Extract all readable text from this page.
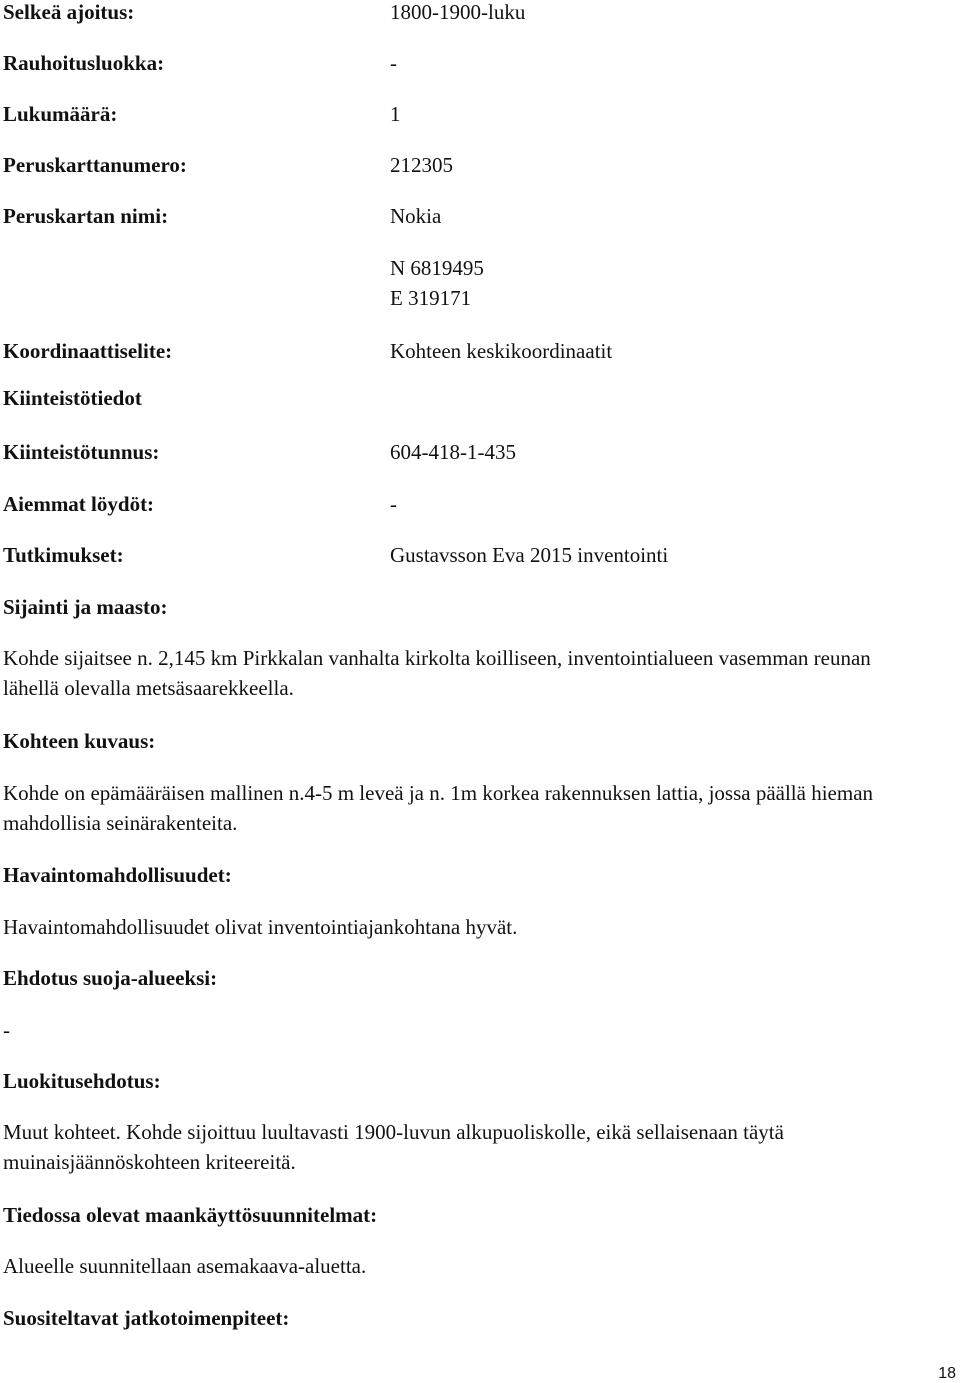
Selkeä ajoitus:	1800-1900-luku
Rauhoitusluokka:	-
Lukumäärä:	1
Peruskarttanumero:	212305
Peruskartan nimi:	Nokia
N 6819495
E 319171
Koordinaattiselite:	Kohteen keskikoordinaatit
Kiinteistötiedot
Kiinteistötunnus:	604-418-1-435
Aiemmat löydöt:	-
Tutkimukset:	Gustavsson Eva 2015 inventointi
Sijainti ja maasto:
Kohde sijaitsee n. 2,145 km Pirkkalan vanhalta kirkolta koilliseen, inventointialueen vasemman reunan lähellä olevalla metsäsaarekkeella.
Kohteen kuvaus:
Kohde on epämääräisen mallinen n.4-5 m leveä ja n. 1m korkea rakennuksen lattia, jossa päällä hieman mahdollisia seinärakenteita.
Havaintomahdollisuudet:
Havaintomahdollisuudet olivat inventointiajankohtana hyvät.
Ehdotus suoja-alueeksi:
-
Luokitusehdotus:
Muut kohteet. Kohde sijoittuu luultavasti 1900-luvun alkupuoliskolle, eikä sellaisenaan täytä muinaisjäännöskohteen kriteereitä.
Tiedossa olevat maankäyttösuunnitelmat:
Alueelle suunnitellaan asemakaava-aluetta.
Suositeltavat jatkotoimenpiteet:
18
